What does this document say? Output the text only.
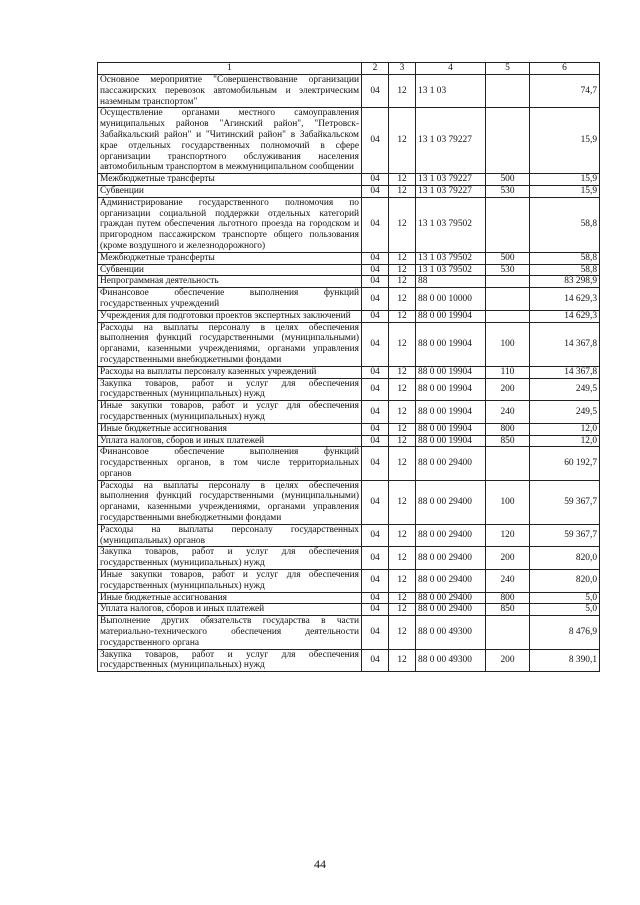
1	2	3	4	5	6
Основное мероприятие "Совершенствование организации пассажирских перевозок автомобильным и электрическим наземным транспортом"	04	12	13 1 03		74,7
Осуществление органами местного самоуправления муниципальных районов "Агинский район", "Петровск-Забайкальский район" и "Читинский район" в Забайкальском крае отдельных государственных полномочий в сфере организации транспортного обслуживания населения автомобильным транспортом в межмуниципальном сообщении	04	12	13 1 03 79227		15,9
Межбюджетные трансферты	04	12	13 1 03 79227	500	15,9
Субвенции	04	12	13 1 03 79227	530	15,9
Администрирование государственного полномочия по организации социальной поддержки отдельных категорий граждан путем обеспечения льготного проезда на городском и пригородном пассажирском транспорте общего пользования (кроме воздушного и железнодорожного)	04	12	13 1 03 79502		58,8
Межбюджетные трансферты	04	12	13 1 03 79502	500	58,8
Субвенции	04	12	13 1 03 79502	530	58,8
Непрограммная деятельность	04	12	88		83 298,9
Финансовое обеспечение выполнения функций государственных учреждений	04	12	88 0 00 10000		14 629,3
Учреждения для подготовки проектов экспертных заключений	04	12	88 0 00 19904		14 629,3
Расходы на выплаты персоналу в целях обеспечения выполнения функций государственными (муниципальными) органами, казенными учреждениями, органами управления государственными внебюджетными фондами	04	12	88 0 00 19904	100	14 367,8
Расходы на выплаты персоналу казенных учреждений	04	12	88 0 00 19904	110	14 367,8
Закупка товаров, работ и услуг для обеспечения государственных (муниципальных) нужд	04	12	88 0 00 19904	200	249,5
Иные закупки товаров, работ и услуг для обеспечения государственных (муниципальных) нужд	04	12	88 0 00 19904	240	249,5
Иные бюджетные ассигнования	04	12	88 0 00 19904	800	12,0
Уплата налогов, сборов и иных платежей	04	12	88 0 00 19904	850	12,0
Финансовое обеспечение выполнения функций государственных органов, в том числе территориальных органов	04	12	88 0 00 29400		60 192,7
Расходы на выплаты персоналу в целях обеспечения выполнения функций государственными (муниципальными) органами, казенными учреждениями, органами управления государственными внебюджетными фондами	04	12	88 0 00 29400	100	59 367,7
Расходы на выплаты персоналу государственных (муниципальных) органов	04	12	88 0 00 29400	120	59 367,7
Закупка товаров, работ и услуг для обеспечения государственных (муниципальных) нужд	04	12	88 0 00 29400	200	820,0
Иные закупки товаров, работ и услуг для обеспечения государственных (муниципальных) нужд	04	12	88 0 00 29400	240	820,0
Иные бюджетные ассигнования	04	12	88 0 00 29400	800	5,0
Уплата налогов, сборов и иных платежей	04	12	88 0 00 29400	850	5,0
Выполнение других обязательств государства в части материально-технического обеспечения деятельности государственного органа	04	12	88 0 00 49300		8 476,9
Закупка товаров, работ и услуг для обеспечения государственных (муниципальных) нужд	04	12	88 0 00 49300	200	8 390,1
44
